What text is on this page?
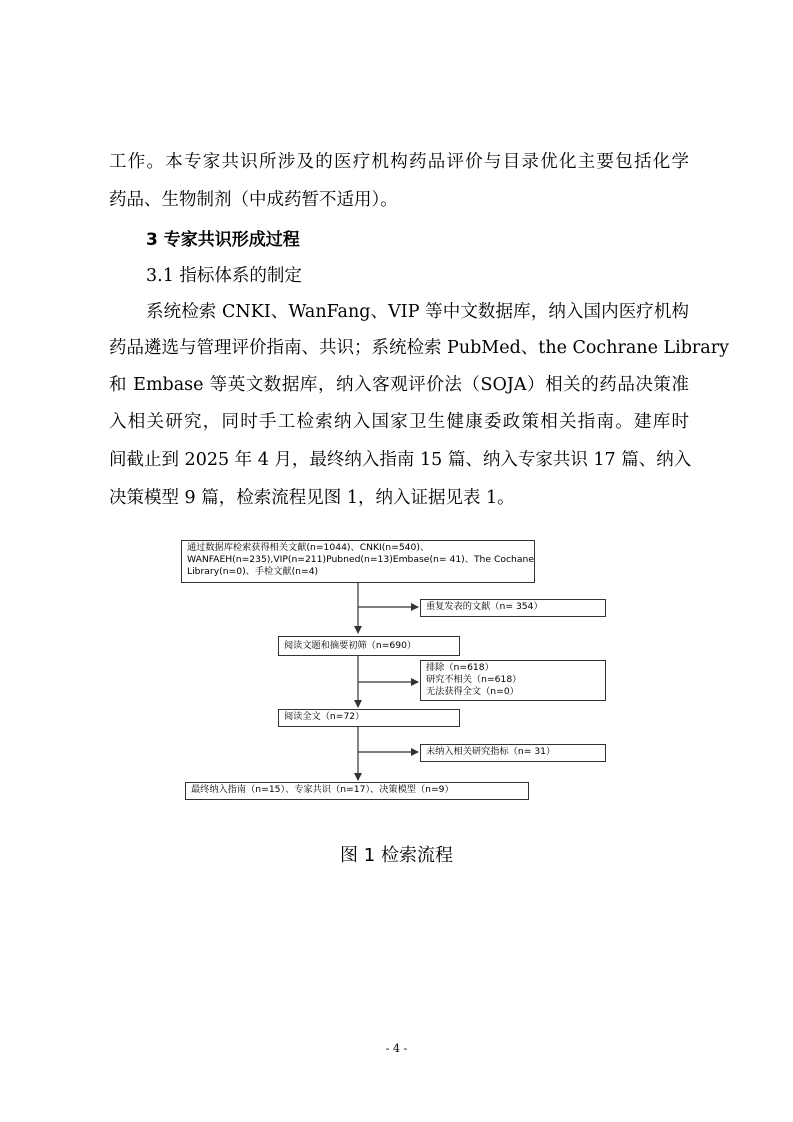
工作。本专家共识所涉及的医疗机构药品评价与目录优化主要包括化学
药品、生物制剂（中成药暂不适用）。
3 专家共识形成过程
3.1 指标体系的制定
系统检索 CNKI、WanFang、VIP 等中文数据库，纳入国内医疗机构
药品遴选与管理评价指南、共识；系统检索 PubMed、the Cochrane Library
和 Embase 等英文数据库，纳入客观评价法（SOJA）相关的药品决策准
入相关研究，同时手工检索纳入国家卫生健康委政策相关指南。建库时
间截止到 2025 年 4 月，最终纳入指南 15 篇、纳入专家共识 17 篇、纳入
决策模型 9 篇，检索流程见图 1，纳入证据见表 1。
通过数据库检索获得相关文献(n=1044)、CNKI(n=540)、
WANFAEH(n=235),VIP(n=211)Pubned(n=13)Embase(n= 41)、The Cochane
Library(n=0)、手检文献(n=4)
重复发表的文献（n= 354）
阅读文题和摘要初筛（n=690）
排除（n=618）
研究不相关（n=618）
无法获得全文（n=0）
阅读全文（n=72）
未纳入相关研究指标（n= 31）
最终纳入指南（n=15）、专家共识（n=17）、决策模型（n=9）
图 1 检索流程
- 4 -
